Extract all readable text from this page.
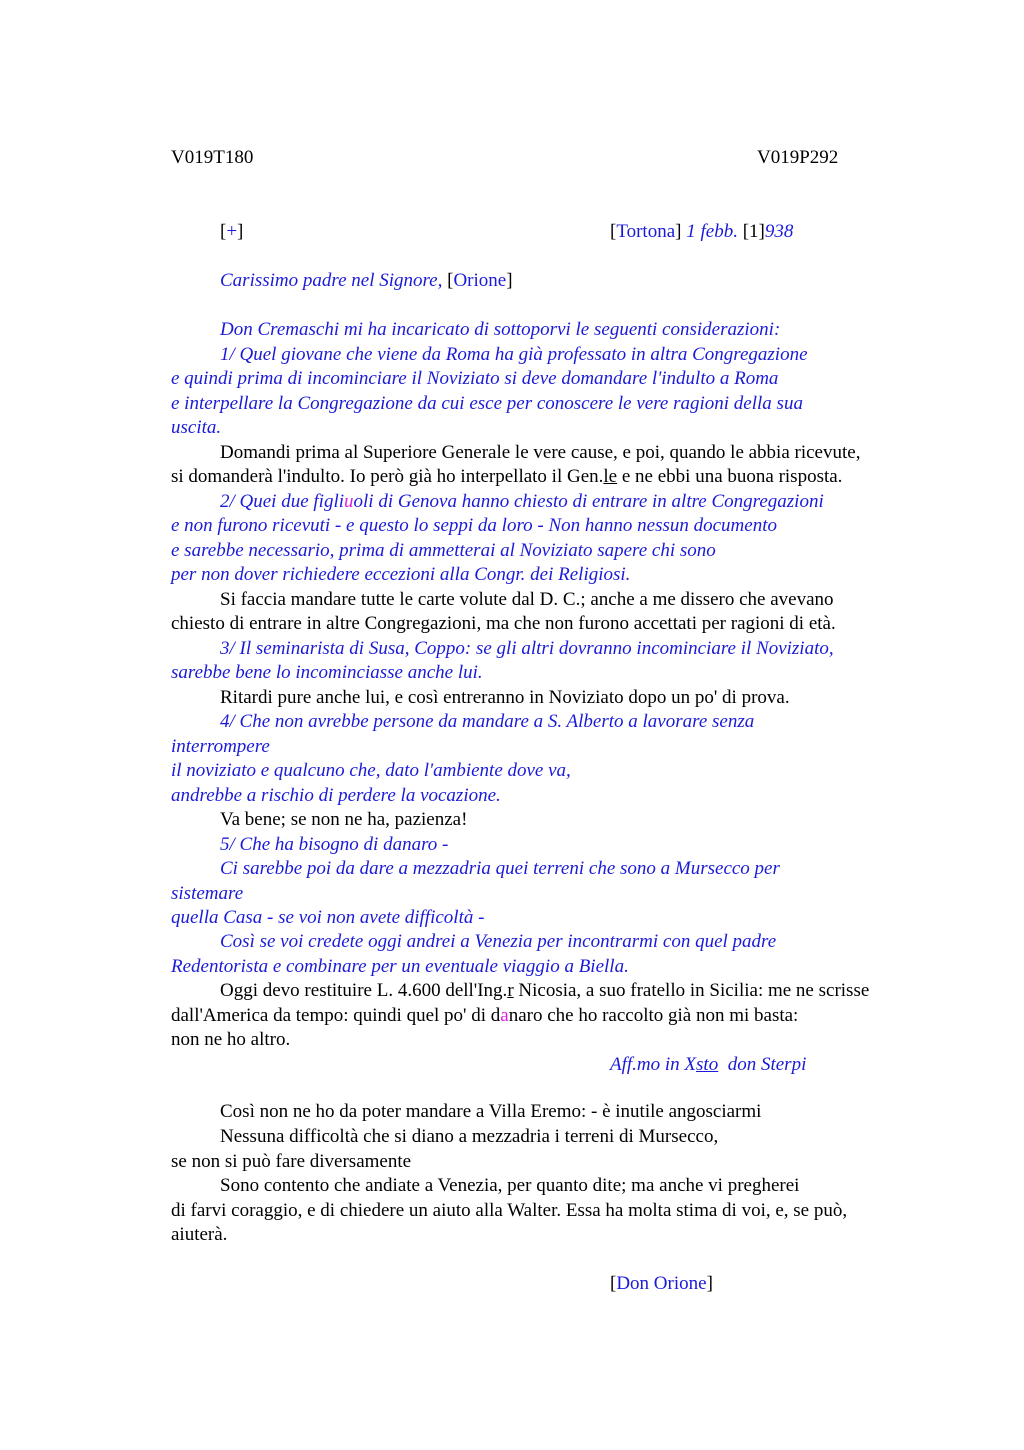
V019T180	V019P292
[+]	[Tortona] 1 febb. [1]938
Carissimo padre nel Signore, [Orione]
Don Cremaschi mi ha incaricato di sottoporvi le seguenti considerazioni:
1/ Quel giovane che viene da Roma ha già professato in altra Congregazione
e quindi prima di incominciare il Noviziato si deve domandare l'indulto a Roma
e interpellare la Congregazione da cui esce per conoscere le vere ragioni della sua
uscita.
Domandi prima al Superiore Generale le vere cause, e poi, quando le abbia ricevute,
si domanderà l'indulto. Io però già ho interpellato il Gen.le e ne ebbi una buona risposta.
2/ Quei due figliuoli di Genova hanno chiesto di entrare in altre Congregazioni
e non furono ricevuti - e questo lo seppi da loro - Non hanno nessun documento
e sarebbe necessario, prima di ammetterai al Noviziato sapere chi sono
per non dover richiedere eccezioni alla Congr. dei Religiosi.
Si faccia mandare tutte le carte volute dal D. C.; anche a me dissero che avevano
chiesto di entrare in altre Congregazioni, ma che non furono accettati per ragioni di età.
3/ Il seminarista di Susa, Coppo: se gli altri dovranno incominciare il Noviziato,
sarebbe bene lo incominciasse anche lui.
Ritardi pure anche lui, e così entreranno in Noviziato dopo un po' di prova.
4/ Che non avrebbe persone da mandare a S. Alberto a lavorare senza
interrompere
il noviziato e qualcuno che, dato l'ambiente dove va,
andrebbe a rischio di perdere la vocazione.
Va bene; se non ne ha, pazienza!
5/ Che ha bisogno di danaro -
Ci sarebbe poi da dare a mezzadria quei terreni che sono a Mursecco per
sistemare
quella Casa - se voi non avete difficoltà -
Così se voi credete oggi andrei a Venezia per incontrarmi con quel padre
Redentorista e combinare per un eventuale viaggio a Biella.
Oggi devo restituire L. 4.600 dell'Ing.r Nicosia, a suo fratello in Sicilia: me ne scrisse
dall'America da tempo: quindi quel po' di danaro che ho raccolto già non mi basta:
non ne ho altro.
Aff.mo in Xsto  don Sterpi
Così non ne ho da poter mandare a Villa Eremo: - è inutile angosciarmi
Nessuna difficoltà che si diano a mezzadria i terreni di Mursecco,
se non si può fare diversamente
Sono contento che andiate a Venezia, per quanto dite; ma anche vi pregherei
di farvi coraggio, e di chiedere un aiuto alla Walter. Essa ha molta stima di voi, e, se può,
aiuterà.
[Don Orione]
